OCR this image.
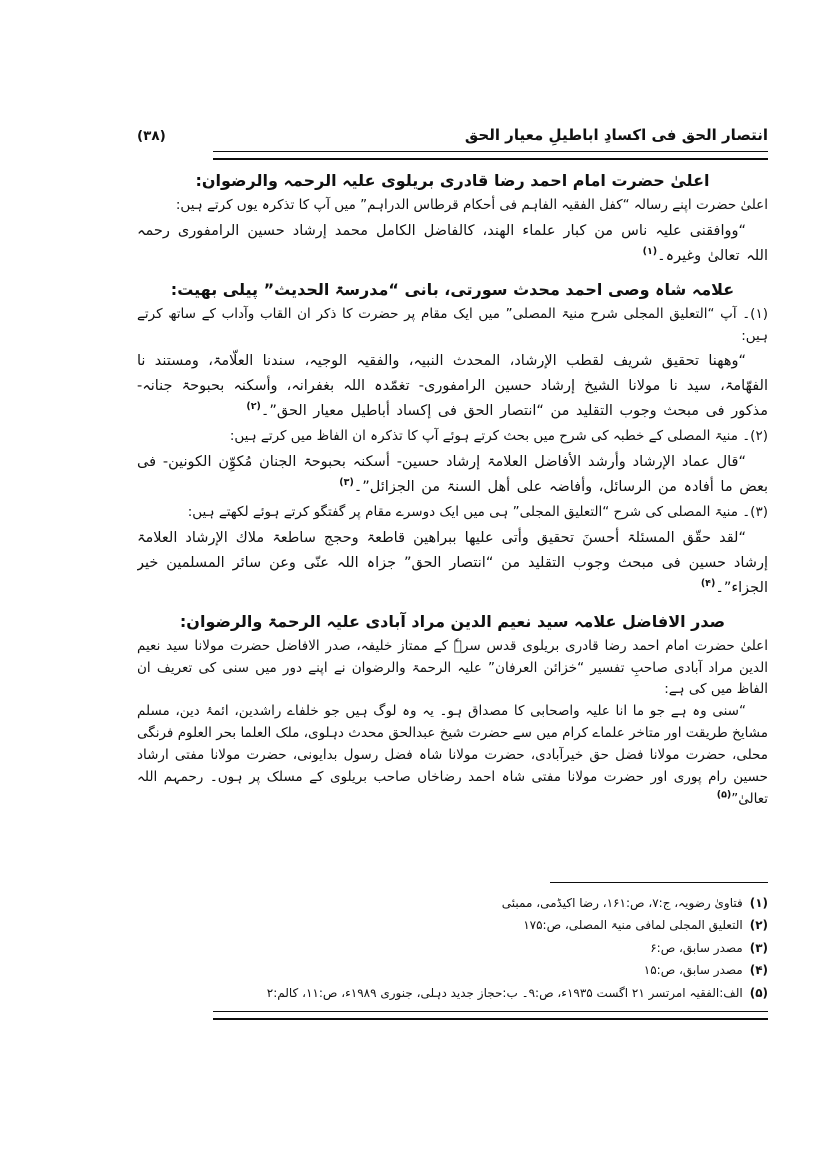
انتصار الحق فی اکسادِ اباطیلِ معیار الحق
(۳۸)
اعلیٰ حضرت امام احمد رضا قادری بریلوی علیہ الرحمہ والرضوان:

اعلیٰ حضرت اپنے رسالہ “کفل الفقیہ الفاہم فی أحکام قرطاس الدراہم” میں آپ کا تذکرہ یوں کرتے ہیں:

“ووافقنی علیہ ناس من کبار علماء الھند، کالفاضل الکامل محمد إرشاد حسین الرامفوری رحمہ اللہ تعالیٰ وغیرہ۔$^{(۱)}$

علامہ شاہ وصی احمد محدث سورتی، بانی “مدرسۃ الحدیث” پیلی بھیت:

(۱)۔ آپ “التعلیق المجلی شرح منیۃ المصلی” میں ایک مقام پر حضرت کا ذکر ان القاب وآداب کے ساتھ کرتے ہیں:

“وھھنا تحقیق شریف لقطب الإرشاد، المحدث النبیہ، والفقیہ الوجیہ، سندنا العلّامۃ، ومستند نا الفھّامۃ، سید نا مولانا الشیخ إرشاد حسین الرامفوری- تغمّدہ اللہ بغفرانہ، وأسکنہ بحبوحۃ جنانہ- مذکور فی مبحث وجوب التقلید من “انتصار الحق فی إکساد أباطیل معیار الحق”۔$^{(۲)}$

(۲)۔ منیۃ المصلی کے خطبہ کی شرح میں بحث کرتے ہوئے آپ کا تذکرہ ان الفاظ میں کرتے ہیں:

“قال عماد الإرشاد وأرشد الأفاضل العلامۃ إرشاد حسین- أسکنہ بحبوحۃ الجنان مُکوِّن الکونین- فی بعض ما أفادہ من الرسائل، وأفاضہ علی أھل السنۃ من الجزائل”۔$^{(۳)}$

(۳)۔ منیۃ المصلی کی شرح “التعلیق المجلی” ہی میں ایک دوسرے مقام پر گفتگو کرتے ہوئے لکھتے ہیں:

“لقد حقّق المسئلۃ أحسنَ تحقیق وأتی علیھا ببراھین قاطعۃ وحجج ساطعۃ ملاك الإرشاد العلامۃ إرشاد حسین فی مبحث وجوب التقلید من “انتصار الحق” جزاہ اللہ عنّی وعن سائر المسلمین خیر الجزاء”۔$^{(۴)}$

صدر الافاضل علامہ سید نعیم الدین مراد آبادی علیہ الرحمۃ والرضوان:

اعلیٰ حضرت امام احمد رضا قادری بریلوی قدس سرہٗ کے ممتاز خلیفہ، صدر الافاضل حضرت مولانا سید نعیم الدین مراد آبادی صاحبِ تفسیر “خزائن العرفان” علیہ الرحمۃ والرضوان نے اپنے دور میں سنی کی تعریف ان الفاظ میں کی ہے:

“سنی وہ ہے جو ما انا علیہ واصحابی کا مصداق ہو۔ یہ وہ لوگ ہیں جو خلفاے راشدین، ائمۂ دین، مسلم مشایخ طریقت اور متاخر علماے کرام میں سے حضرت شیخ عبدالحق محدث دہلوی، ملک العلما بحر العلوم فرنگی محلی، حضرت مولانا فضل حق خیرآبادی، حضرت مولانا شاہ فضل رسول بدایونی، حضرت مولانا مفتی ارشاد حسین رام پوری اور حضرت مولانا مفتی شاہ احمد رضاخاں صاحب بریلوی کے مسلک پر ہوں۔ رحمہم اللہ تعالیٰ”$^{(۵)}$

(۱)
فتاویٰ رضویہ، ج:۷، ص:۱۶۱، رضا اکیڈمی، ممبئی
(۲)
التعلیق المجلی لمافی منیۃ المصلی، ص:۱۷۵
(۳)
مصدر سابق، ص:۶
(۴)
مصدر سابق، ص:۱۵
(۵)
الف:الفقیہ امرتسر ۲۱ اگست ۱۹۳۵ء، ص:۹۔ ب:حجاز جدید دہلی، جنوری ۱۹۸۹ء، ص:۱۱، کالم:۲
